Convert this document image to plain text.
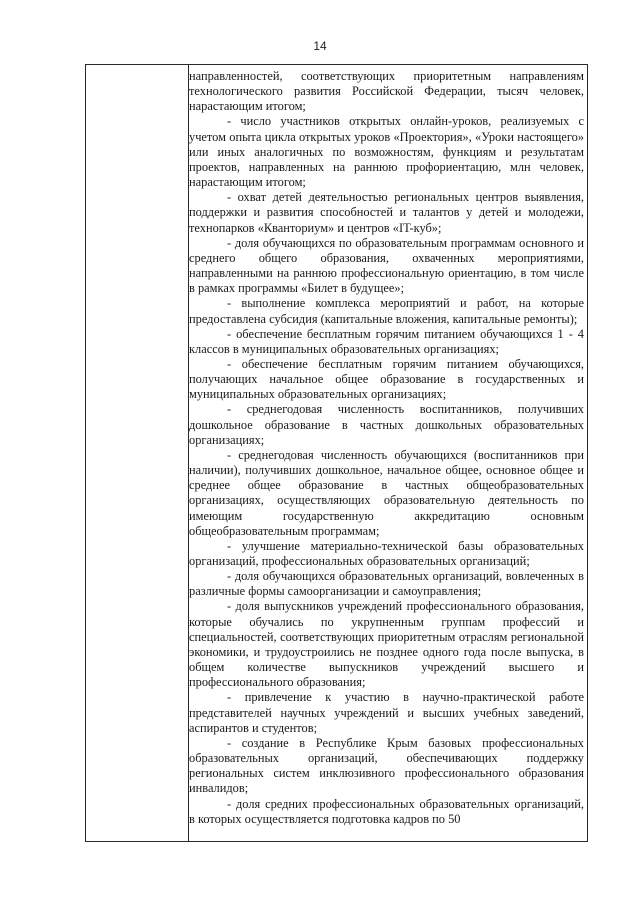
14

направленностей, соответствующих приоритетным направлениям технологического развития Российской Федерации, тысяч человек, нарастающим итогом;

- число участников открытых онлайн-уроков, реализуемых с учетом опыта цикла открытых уроков «Проектория», «Уроки настоящего» или иных аналогичных по возможностям, функциям и результатам проектов, направленных на раннюю профориентацию, млн человек, нарастающим итогом;

- охват детей деятельностью региональных центров выявления, поддержки и развития способностей и талантов у детей и молодежи, технопарков «Кванториум» и центров «IT-куб»;

- доля обучающихся по образовательным программам основного и среднего общего образования, охваченных мероприятиями, направленными на раннюю профессиональную ориентацию, в том числе в рамках программы «Билет в будущее»;

- выполнение комплекса мероприятий и работ, на которые предоставлена субсидия (капитальные вложения, капитальные ремонты);

- обеспечение бесплатным горячим питанием обучающихся 1 - 4 классов в муниципальных образовательных организациях;

- обеспечение бесплатным горячим питанием обучающихся, получающих начальное общее образование в государственных и муниципальных образовательных организациях;

- среднегодовая численность воспитанников, получивших дошкольное образование в частных дошкольных образовательных организациях;

- среднегодовая численность обучающихся (воспитанников при наличии), получивших дошкольное, начальное общее, основное общее и среднее общее образование в частных общеобразовательных организациях, осуществляющих образовательную деятельность по имеющим государственную аккредитацию основным общеобразовательным программам;

- улучшение материально-технической базы образовательных организаций, профессиональных образовательных организаций;

- доля обучающихся образовательных организаций, вовлеченных в различные формы самоорганизации и самоуправления;

- доля выпускников учреждений профессионального образования, которые обучались по укрупненным группам профессий и специальностей, соответствующих приоритетным отраслям региональной экономики, и трудоустроились не позднее одного года после выпуска, в общем количестве выпускников учреждений высшего и профессионального образования;

- привлечение к участию в научно-практической работе представителей научных учреждений и высших учебных заведений, аспирантов и студентов;

- создание в Республике Крым базовых профессиональных образовательных организаций, обеспечивающих поддержку региональных систем инклюзивного профессионального образования инвалидов;

- доля средних профессиональных образовательных организаций, в которых осуществляется подготовка кадров по 50
